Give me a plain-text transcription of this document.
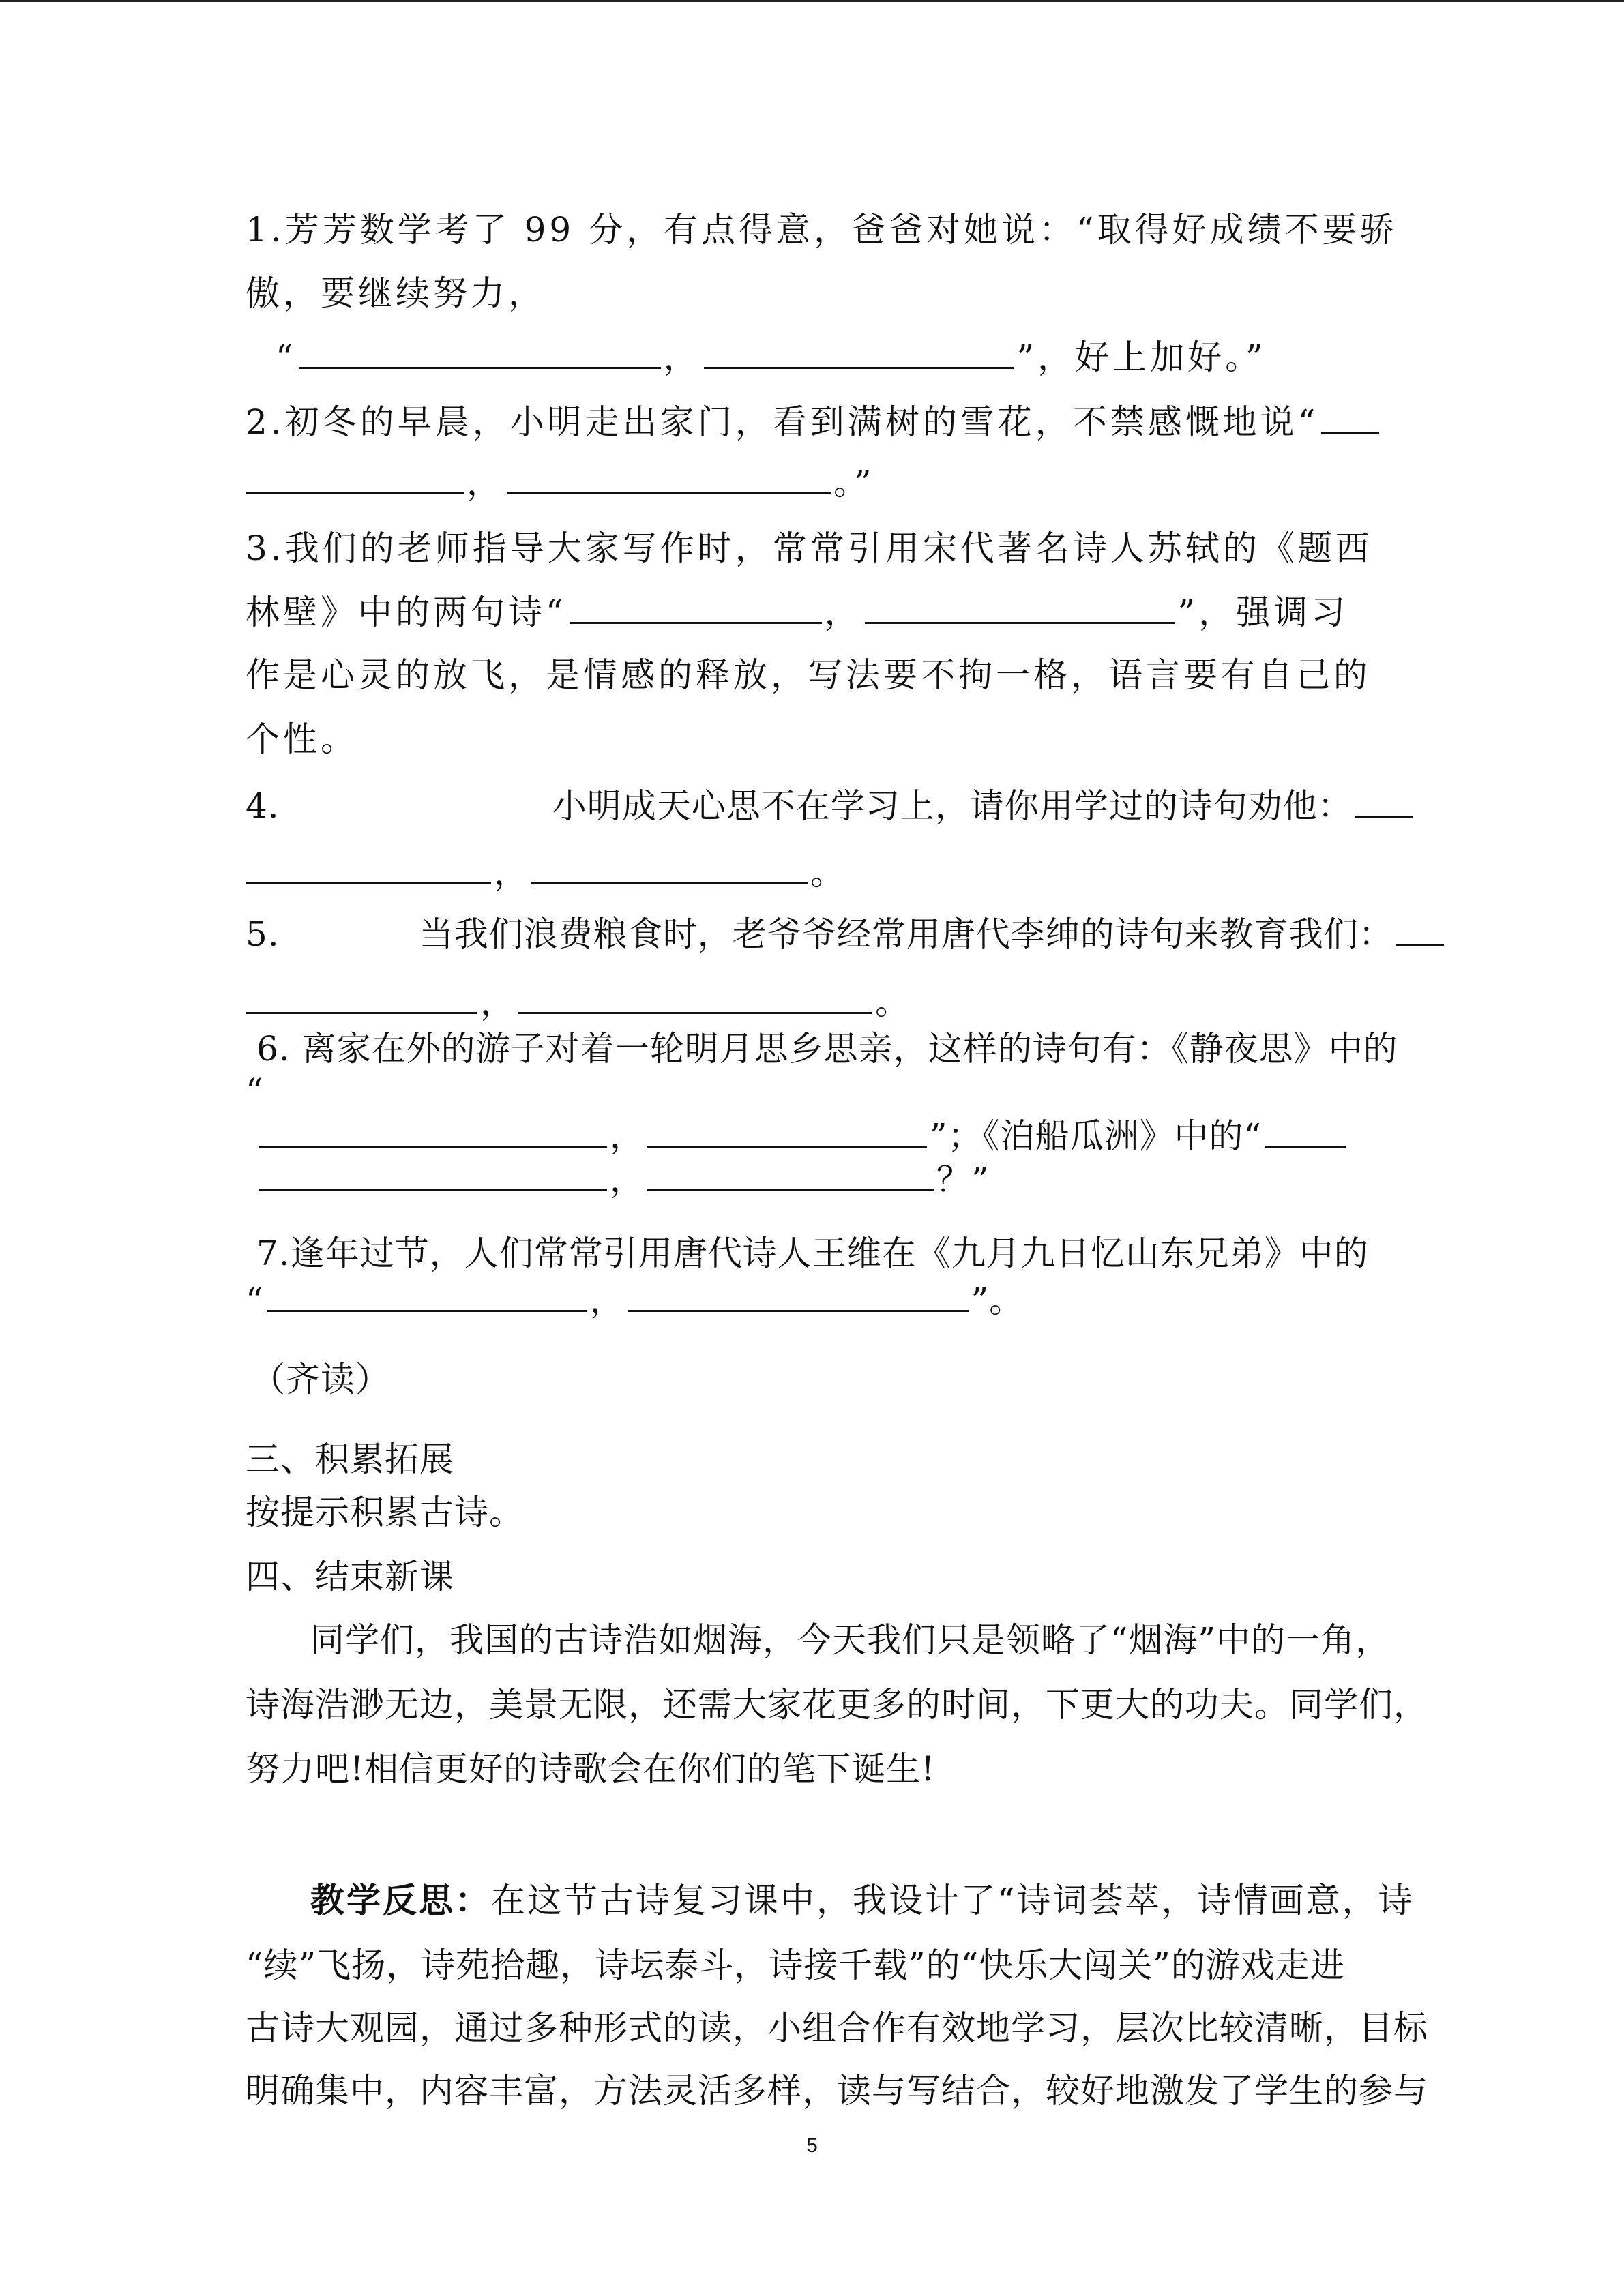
1.芳芳数学考了 99 分，有点得意，爸爸对她说：“取得好成绩不要骄
傲，要继续努力，
“	，	”，好上加好。”
2.初冬的早晨，小明走出家门，看到满树的雪花，不禁感慨地说“
，	。”
3.我们的老师指导大家写作时，常常引用宋代著名诗人苏轼的《题西
林壁》中的两句诗“	，	”，强调习
作是心灵的放飞，是情感的释放，写法要不拘一格，语言要有自己的
个性。
4.	小明成天心思不在学习上，请你用学过的诗句劝他：
，	。
5.	当我们浪费粮食时，老爷爷经常用唐代李绅的诗句来教育我们：
，	。
6. 离家在外的游子对着一轮明月思乡思亲，这样的诗句有：《静夜思》中的
“
，	”；《泊船瓜洲》中的“
，	？”
7.逢年过节，人们常常引用唐代诗人王维在《九月九日忆山东兄弟》中的
“	，	”。
（齐读）
三、积累拓展
按提示积累古诗。
四、结束新课
同学们，我国的古诗浩如烟海，今天我们只是领略了“烟海”中的一角，
诗海浩渺无边，美景无限，还需大家花更多的时间，下更大的功夫。同学们，
努力吧!相信更好的诗歌会在你们的笔下诞生!
教学反思：在这节古诗复习课中，我设计了“诗词荟萃，诗情画意，诗
“续”飞扬，诗苑拾趣，诗坛泰斗，诗接千载”的“快乐大闯关”的游戏走进
古诗大观园，通过多种形式的读，小组合作有效地学习，层次比较清晰，目标
明确集中，内容丰富，方法灵活多样，读与写结合，较好地激发了学生的参与
5
